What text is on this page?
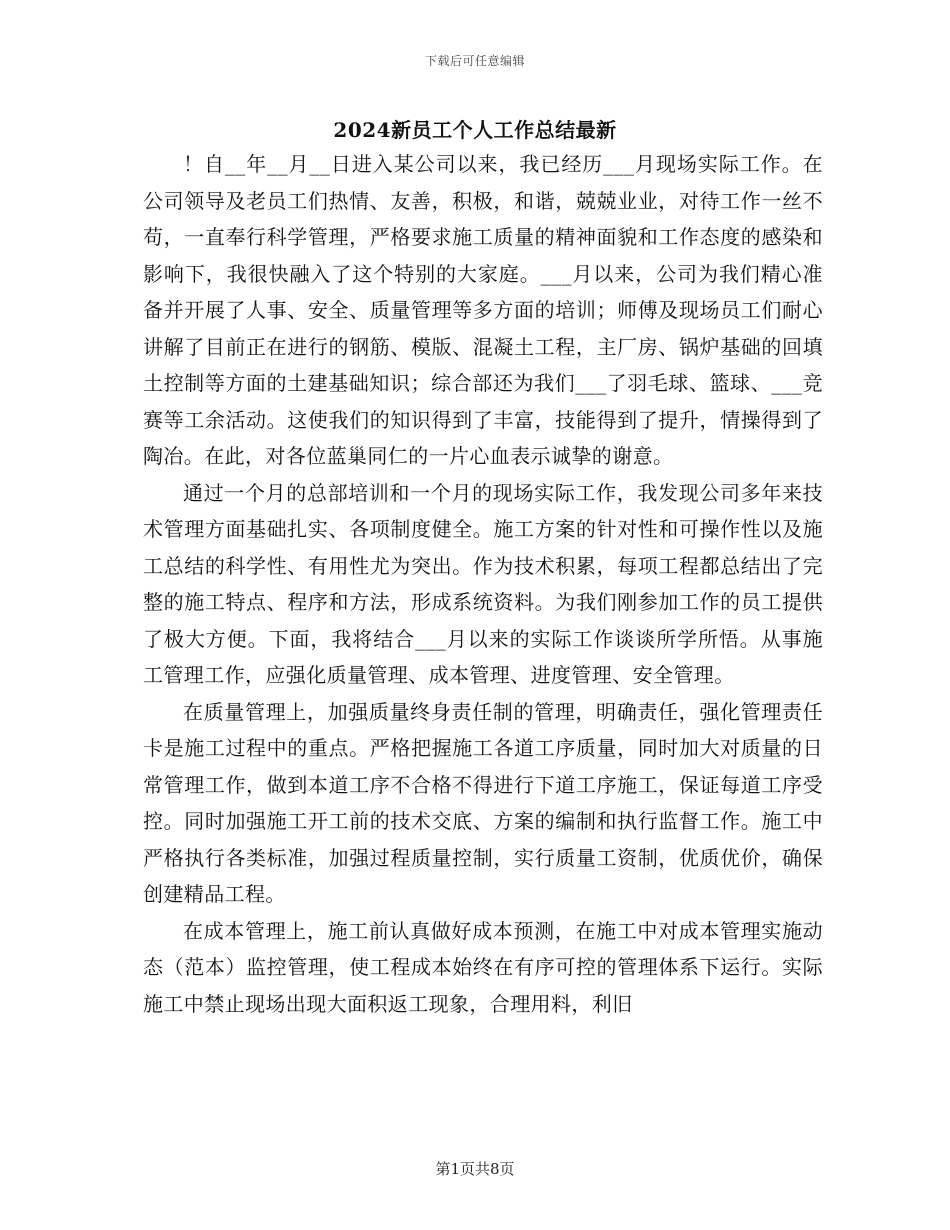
下载后可任意编辑
2024新员工个人工作总结最新

！自__年__月__日进入某公司以来，我已经历___月现场实际工作。在公司领导及老员工们热情、友善，积极，和谐，兢兢业业，对待工作一丝不苟，一直奉行科学管理，严格要求施工质量的精神面貌和工作态度的感染和影响下，我很快融入了这个特别的大家庭。___月以来，公司为我们精心准备并开展了人事、安全、质量管理等多方面的培训；师傅及现场员工们耐心讲解了目前正在进行的钢筋、模版、混凝土工程，主厂房、锅炉基础的回填土控制等方面的土建基础知识；综合部还为我们___了羽毛球、篮球、___竞赛等工余活动。这使我们的知识得到了丰富，技能得到了提升，情操得到了陶冶。在此，对各位蓝巢同仁的一片心血表示诚挚的谢意。

通过一个月的总部培训和一个月的现场实际工作，我发现公司多年来技术管理方面基础扎实、各项制度健全。施工方案的针对性和可操作性以及施工总结的科学性、有用性尤为突出。作为技术积累，每项工程都总结出了完整的施工特点、程序和方法，形成系统资料。为我们刚参加工作的员工提供了极大方便。下面，我将结合___月以来的实际工作谈谈所学所悟。从事施工管理工作，应强化质量管理、成本管理、进度管理、安全管理。

在质量管理上，加强质量终身责任制的管理，明确责任，强化管理责任卡是施工过程中的重点。严格把握施工各道工序质量，同时加大对质量的日常管理工作，做到本道工序不合格不得进行下道工序施工，保证每道工序受控。同时加强施工开工前的技术交底、方案的编制和执行监督工作。施工中严格执行各类标准，加强过程质量控制，实行质量工资制，优质优价，确保创建精品工程。

在成本管理上，施工前认真做好成本预测，在施工中对成本管理实施动态（范本）监控管理，使工程成本始终在有序可控的管理体系下运行。实际施工中禁止现场出现大面积返工现象，合理用料，利旧

第1页共8页
